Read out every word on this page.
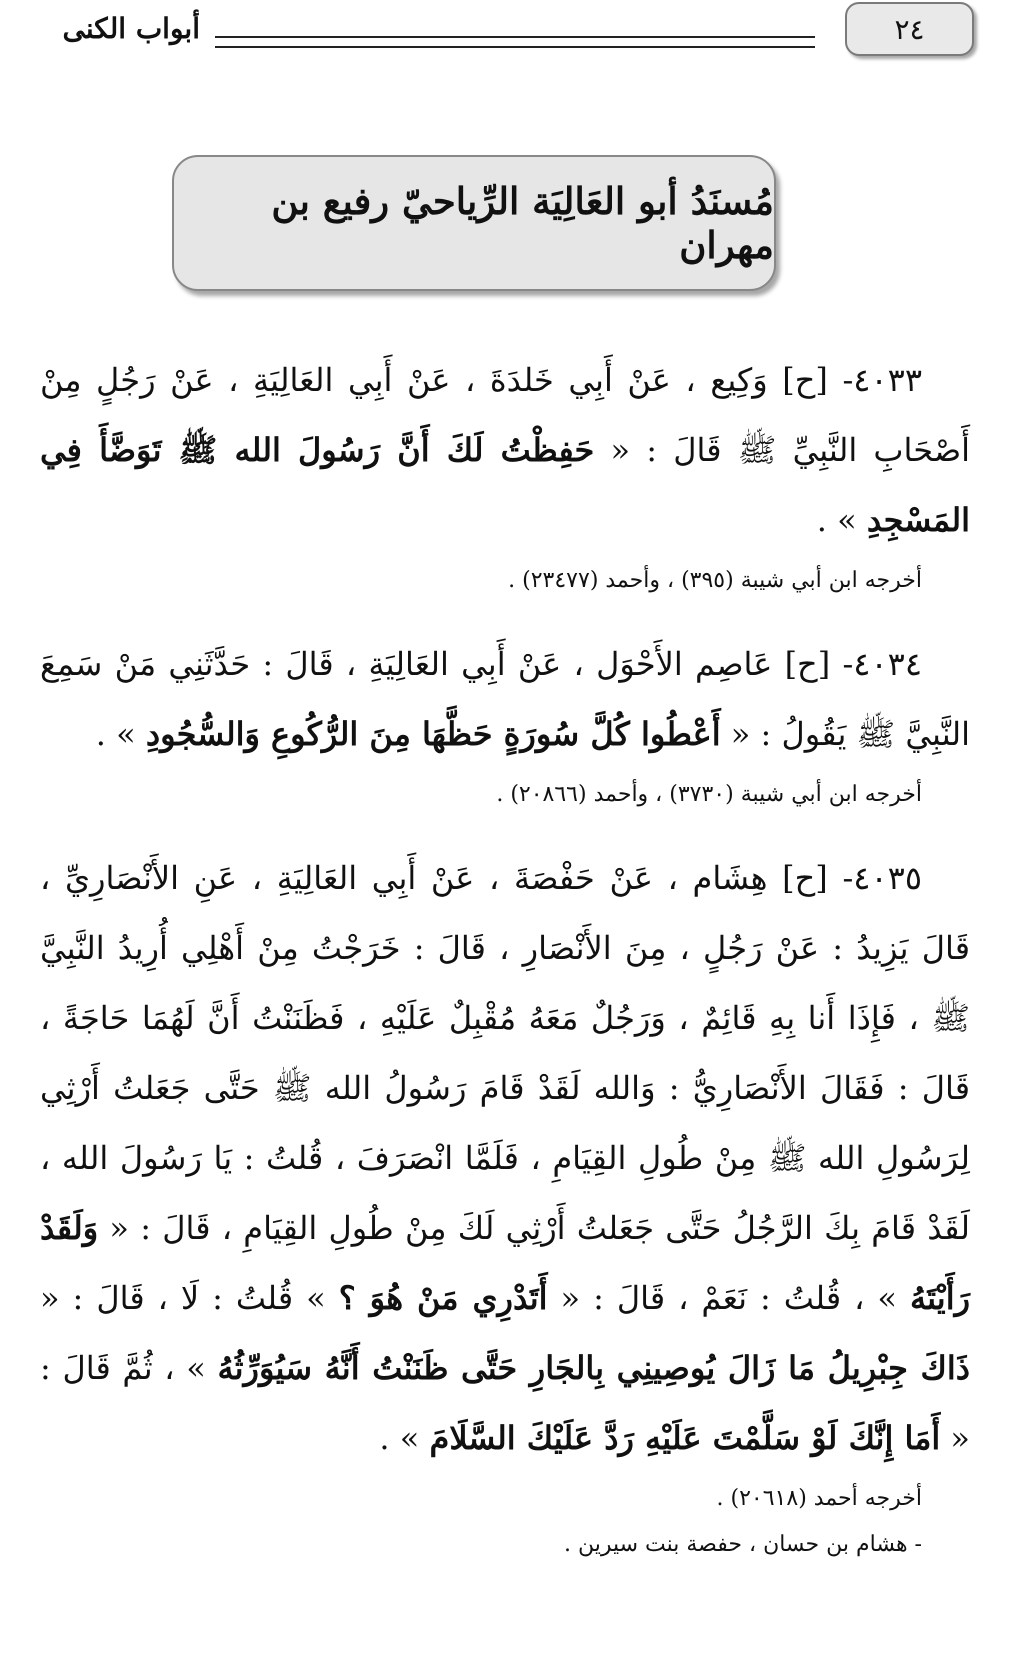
٢٤
أبواب الكنى
مُسنَدُ أبو العَالِيَة الرِّياحيّ رفيع بن مهران

٤٠٣٣- [ح] وَكِيع ، عَنْ أَبِي خَلدَةَ ، عَنْ أَبِي العَالِيَةِ ، عَنْ رَجُلٍ مِنْ أَصْحَابِ النَّبِيِّ ﷺ قَالَ : « حَفِظْتُ لَكَ أَنَّ رَسُولَ الله ﷺ تَوَضَّأَ فِي المَسْجِدِ » .

أخرجه ابن أبي شيبة (٣٩٥) ، وأحمد (٢٣٤٧٧) .

٤٠٣٤- [ح] عَاصِم الأَحْوَل ، عَنْ أَبِي العَالِيَةِ ، قَالَ : حَدَّثَنِي مَنْ سَمِعَ النَّبِيَّ ﷺ يَقُولُ : « أَعْطُوا كُلَّ سُورَةٍ حَظَّهَا مِنَ الرُّكُوعِ وَالسُّجُودِ » .

أخرجه ابن أبي شيبة (٣٧٣٠) ، وأحمد (٢٠٨٦٦) .

٤٠٣٥- [ح] هِشَام ، عَنْ حَفْصَةَ ، عَنْ أَبِي العَالِيَةِ ، عَنِ الأَنْصَارِيِّ ، قَالَ يَزِيدُ : عَنْ رَجُلٍ ، مِنَ الأَنْصَارِ ، قَالَ : خَرَجْتُ مِنْ أَهْلِي أُرِيدُ النَّبِيَّ ﷺ ، فَإِذَا أَنا بِهِ قَائِمٌ ، وَرَجُلٌ مَعَهُ مُقْبِلٌ عَلَيْهِ ، فَظَنَنْتُ أَنَّ لَهُمَا حَاجَةً ، قَالَ : فَقَالَ الأَنْصَارِيُّ : وَالله لَقَدْ قَامَ رَسُولُ الله ﷺ حَتَّى جَعَلتُ أَرْثِي لِرَسُولِ الله ﷺ مِنْ طُولِ القِيَامِ ، فَلَمَّا انْصَرَفَ ، قُلتُ : يَا رَسُولَ الله ، لَقَدْ قَامَ بِكَ الرَّجُلُ حَتَّى جَعَلتُ أَرْثِي لَكَ مِنْ طُولِ القِيَامِ ، قَالَ : « وَلَقَدْ رَأَيْتَهُ » ، قُلتُ : نَعَمْ ، قَالَ : « أَتَدْرِي مَنْ هُوَ ؟ » قُلتُ : لَا ، قَالَ : « ذَاكَ جِبْرِيلُ مَا زَالَ يُوصِينِي بِالجَارِ حَتَّى ظَنَنْتُ أَنَّهُ سَيُوَرِّثُهُ » ، ثُمَّ قَالَ : « أَمَا إِنَّكَ لَوْ سَلَّمْتَ عَلَيْهِ رَدَّ عَلَيْكَ السَّلَامَ » .

أخرجه أحمد (٢٠٦١٨) .

- هشام بن حسان ، حفصة بنت سيرين .
